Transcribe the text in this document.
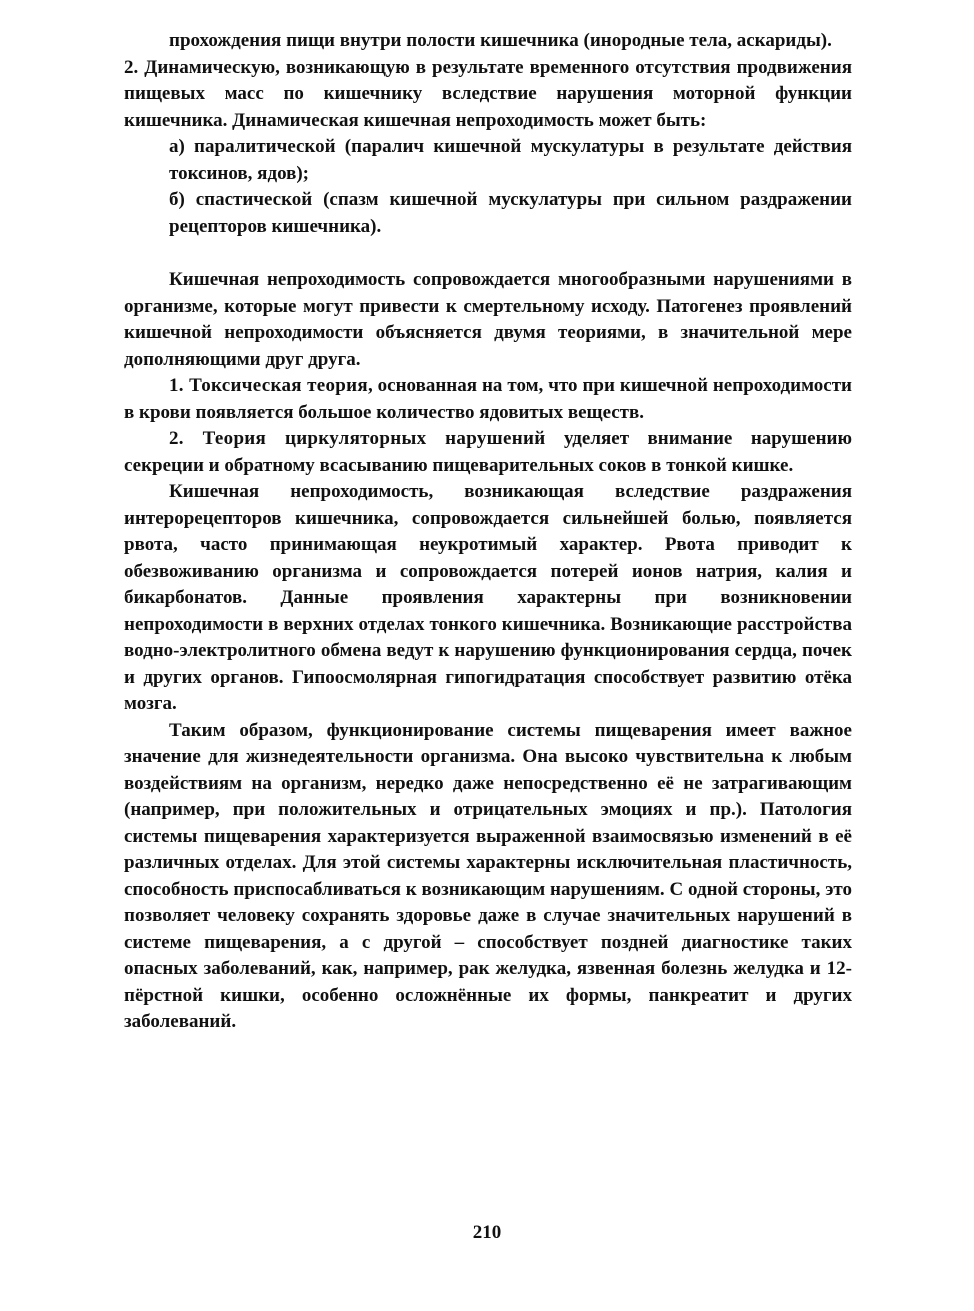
прохождения пищи внутри полости кишечника (инородные тела, аскариды).

2. Динамическую, возникающую в результате временного отсутствия продвижения пищевых масс по кишечнику вследствие нарушения моторной функции кишечника. Динамическая кишечная непроходимость может быть:

а) паралитической (паралич кишечной мускулатуры в результате действия токсинов, ядов);

б) спастической (спазм кишечной мускулатуры при сильном раздражении рецепторов кишечника).

Кишечная непроходимость сопровождается многообразными нарушениями в организме, которые могут привести к смертельному исходу. Патогенез проявлений кишечной непроходимости объясняется двумя теориями, в значительной мере дополняющими друг друга.

1. Токсическая теория, основанная на том, что при кишечной непроходимости в крови появляется большое количество ядовитых веществ.

2. Теория циркуляторных нарушений уделяет внимание нарушению секреции и обратному всасыванию пищеварительных соков в тонкой кишке.

Кишечная непроходимость, возникающая вследствие раздражения интерорецепторов кишечника, сопровождается сильнейшей болью, появляется рвота, часто принимающая неукротимый характер. Рвота приводит к обезвоживанию организма и сопровождается потерей ионов натрия, калия и бикарбонатов. Данные проявления характерны при возникновении непроходимости в верхних отделах тонкого кишечника. Возникающие расстройства водно-электролитного обмена ведут к нарушению функционирования сердца, почек и других органов. Гипоосмолярная гипогидратация способствует развитию отёка мозга.

Таким образом, функционирование системы пищеварения имеет важное значение для жизнедеятельности организма. Она высоко чувствительна к любым воздействиям на организм, нередко даже непосредственно её не затрагивающим (например, при положительных и отрицательных эмоциях и пр.). Патология системы пищеварения характеризуется выраженной взаимосвязью изменений в её различных отделах. Для этой системы характерны исключительная пластичность, способность приспосабливаться к возникающим нарушениям. С одной стороны, это позволяет человеку сохранять здоровье даже в случае значительных нарушений в системе пищеварения, а с другой – способствует поздней диагностике таких опасных заболеваний, как, например, рак желудка, язвенная болезнь желудка и 12-пёрстной кишки, особенно осложнённые их формы, панкреатит и других заболеваний.

210
